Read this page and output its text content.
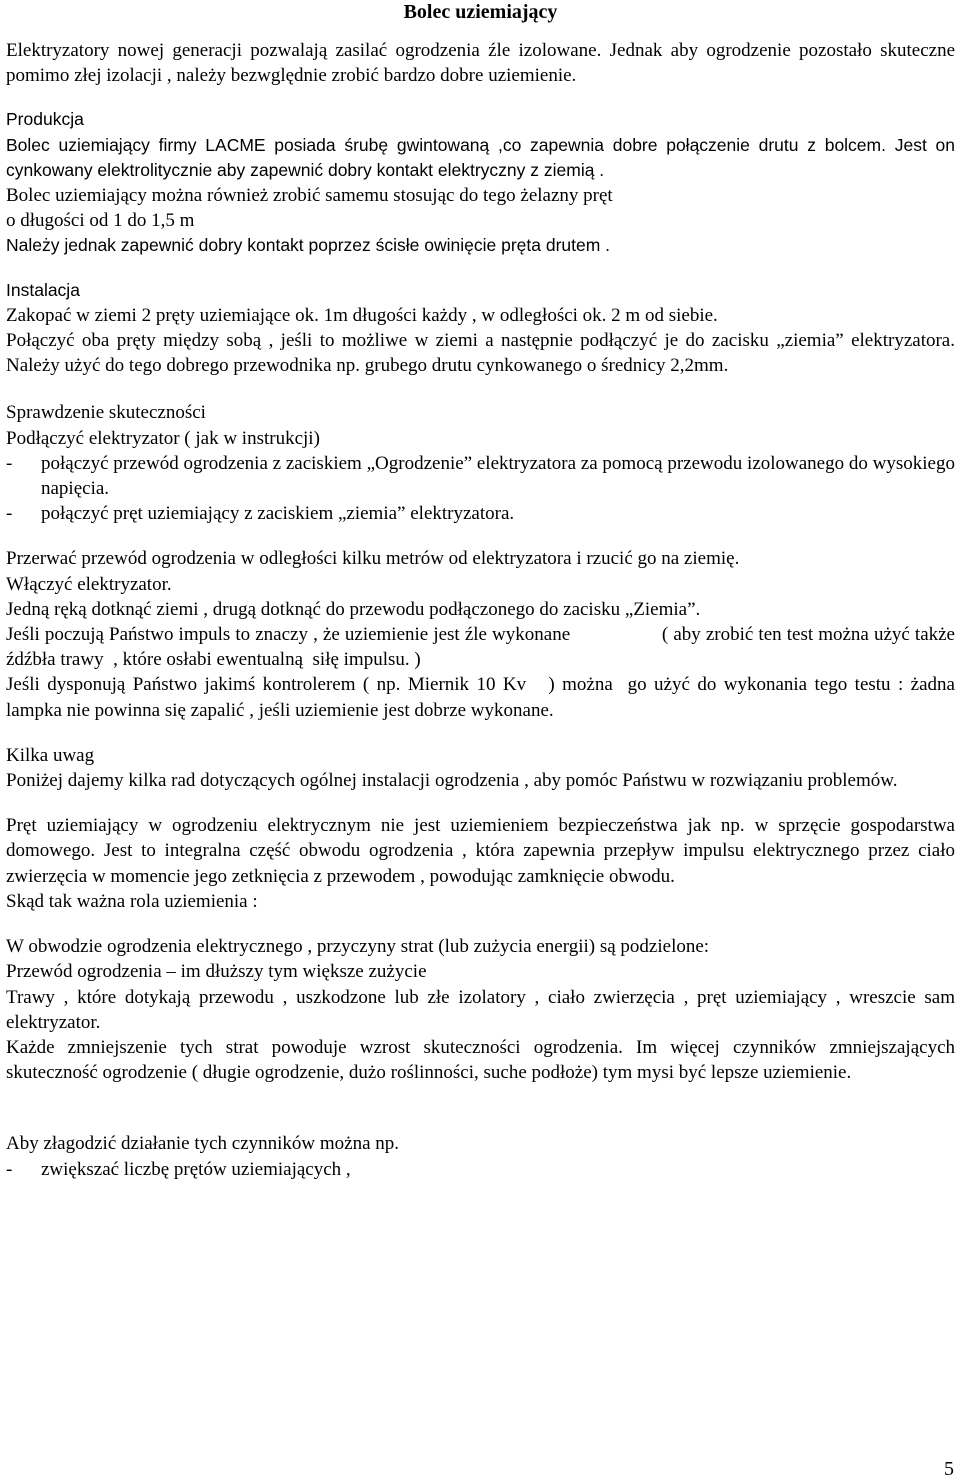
Bolec uziemiający

Elektryzatory nowej generacji pozwalają zasilać ogrodzenia źle izolowane. Jednak aby ogrodzenie pozostało skuteczne pomimo złej izolacji , należy bezwględnie zrobić bardzo dobre uziemienie.

Produkcja

Bolec uziemiający firmy LACME posiada śrubę gwintowaną ,co zapewnia dobre połączenie drutu z bolcem. Jest on cynkowany elektrolitycznie aby zapewnić dobry kontakt elektryczny z ziemią .

Bolec uziemiający można również zrobić samemu stosując do tego żelazny pręt

o długości od 1 do 1,5 m

Należy jednak zapewnić dobry kontakt poprzez ścisłe owinięcie pręta drutem .

Instalacja

Zakopać w ziemi 2 pręty uziemiające ok. 1m długości każdy , w odległości ok. 2 m od siebie.

Połączyć oba pręty między sobą , jeśli to możliwe w ziemi a następnie podłączyć je do zacisku „ziemia” elektryzatora. Należy użyć do tego dobrego przewodnika np. grubego drutu cynkowanego o średnicy 2,2mm.

Sprawdzenie skuteczności

Podłączyć elektryzator ( jak w instrukcji)

- połączyć przewód ogrodzenia z zaciskiem „Ogrodzenie” elektryzatora za pomocą przewodu izolowanego do wysokiego napięcia.

- połączyć pręt uziemiający z zaciskiem „ziemia” elektryzatora.

Przerwać przewód ogrodzenia w odległości kilku metrów od elektryzatora i rzucić go na ziemię.

Włączyć elektryzator.

Jedną ręką dotknąć ziemi , drugą dotknąć do przewodu podłączonego do zacisku „Ziemia”.

Jeśli poczują Państwo impuls to znaczy , że uziemienie jest źle wykonane                  ( aby zrobić ten test można użyć także źdźbła trawy  , które osłabi ewentualną  siłę impulsu. )

Jeśli dysponują Państwo jakimś kontrolerem ( np. Miernik 10 Kv   ) można  go użyć do wykonania tego testu : żadna lampka nie powinna się zapalić , jeśli uziemienie jest dobrze wykonane.

Kilka uwag

Poniżej dajemy kilka rad dotyczących ogólnej instalacji ogrodzenia , aby pomóc Państwu w rozwiązaniu problemów.

Pręt uziemiający w ogrodzeniu elektrycznym nie jest uziemieniem bezpieczeństwa jak np. w sprzęcie gospodarstwa domowego. Jest to integralna część obwodu ogrodzenia , która zapewnia przepływ impulsu elektrycznego przez ciało zwierzęcia w momencie jego zetknięcia z przewodem , powodując zamknięcie obwodu.

Skąd tak ważna rola uziemienia :

W obwodzie ogrodzenia elektrycznego , przyczyny strat (lub zużycia energii) są podzielone:

Przewód ogrodzenia – im dłuższy tym większe zużycie

Trawy , które dotykają przewodu , uszkodzone lub złe izolatory , ciało zwierzęcia , pręt uziemiający , wreszcie sam elektryzator.

Każde zmniejszenie tych strat powoduje wzrost skuteczności ogrodzenia. Im więcej czynników zmniejszających skuteczność ogrodzenie ( długie ogrodzenie, dużo roślinności, suche podłoże) tym mysi być lepsze uziemienie.

Aby złagodzić działanie tych czynników można np.

- zwiększać liczbę prętów uziemiających ,

5
